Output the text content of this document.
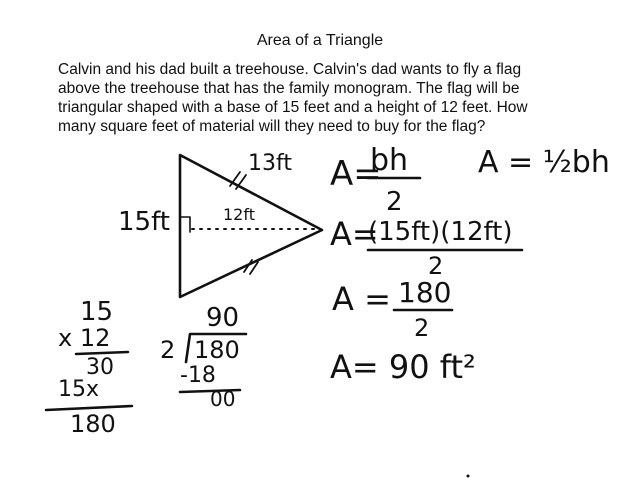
Area of a Triangle
Calvin and his dad built a treehouse. Calvin's dad wants to fly a flag
above the treehouse that has the family monogram. The flag will be
triangular shaped with a base of 15 feet and a height of 12 feet. How
many square feet of material will they need to buy for the flag?
13ft
15ft	12ft
A=
bh
2
A = ½bh
A=
(15ft)(12ft)
2
A = 180
2
A= 90 ft²
15
x 12
30
15x
180
90
2 180
-18
00
